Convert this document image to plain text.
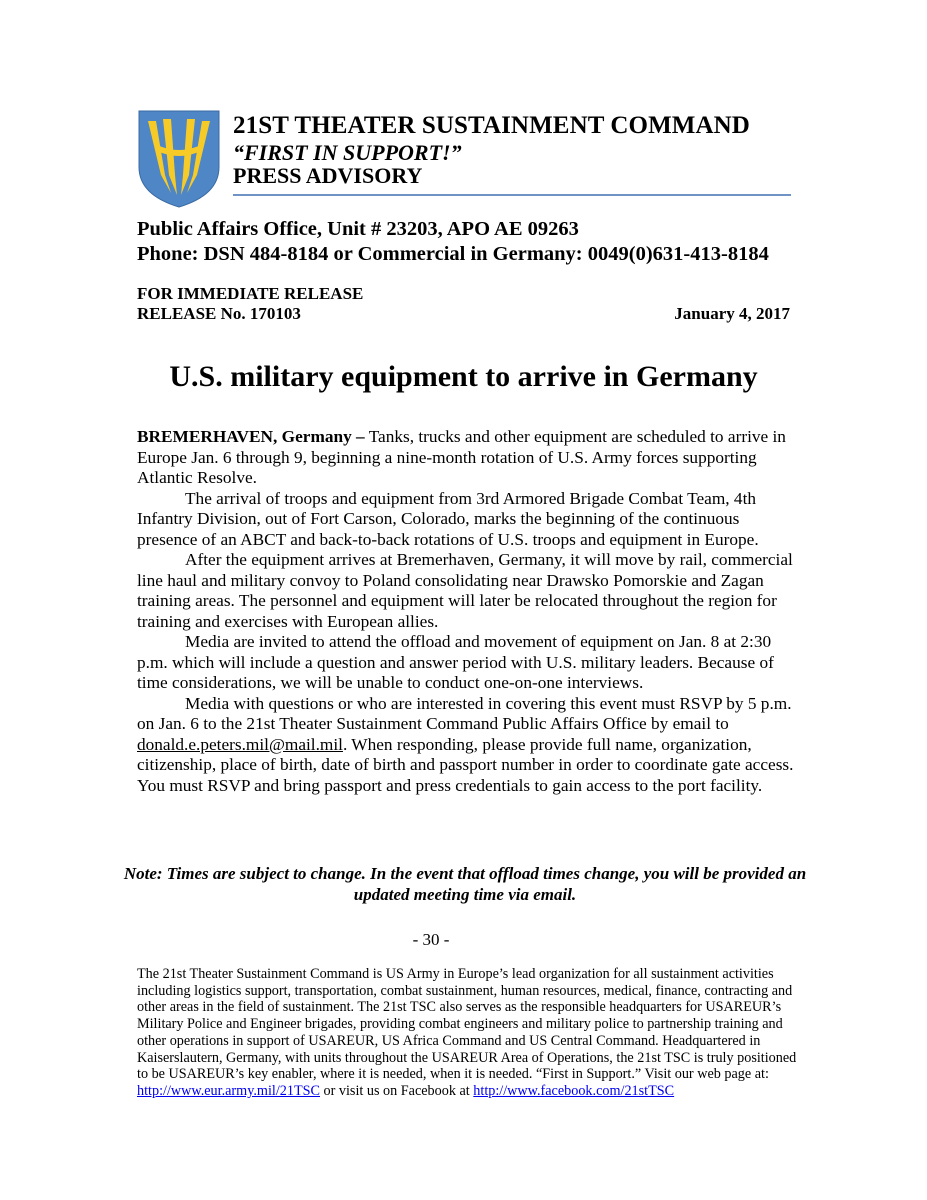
21ST THEATER SUSTAINMENT COMMAND
“FIRST IN SUPPORT!”
PRESS ADVISORY
Public Affairs Office, Unit # 23203, APO AE 09263
Phone: DSN 484-8184 or Commercial in Germany: 0049(0)631-413-8184
FOR IMMEDIATE RELEASE
RELEASE No. 170103	January 4, 2017
U.S. military equipment to arrive in Germany

BREMERHAVEN, Germany – Tanks, trucks and other equipment are scheduled to arrive in Europe Jan. 6 through 9, beginning a nine-month rotation of U.S. Army forces supporting Atlantic Resolve.

The arrival of troops and equipment from 3rd Armored Brigade Combat Team, 4th Infantry Division, out of Fort Carson, Colorado, marks the beginning of the continuous presence of an ABCT and back-to-back rotations of U.S. troops and equipment in Europe.

After the equipment arrives at Bremerhaven, Germany, it will move by rail, commercial line haul and military convoy to Poland consolidating near Drawsko Pomorskie and Zagan training areas. The personnel and equipment will later be relocated throughout the region for training and exercises with European allies.

Media are invited to attend the offload and movement of equipment on Jan. 8 at 2:30 p.m. which will include a question and answer period with U.S. military leaders. Because of time considerations, we will be unable to conduct one-on-one interviews.

Media with questions or who are interested in covering this event must RSVP by 5 p.m. on Jan. 6 to the 21st Theater Sustainment Command Public Affairs Office by email to donald.e.peters.mil@mail.mil. When responding, please provide full name, organization, citizenship, place of birth, date of birth and passport number in order to coordinate gate access. You must RSVP and bring passport and press credentials to gain access to the port facility.

Note: Times are subject to change. In the event that offload times change, you will be provided an updated meeting time via email.
- 30 -
The 21st Theater Sustainment Command is US Army in Europe’s lead organization for all sustainment activities including logistics support, transportation, combat sustainment, human resources, medical, finance, contracting and other areas in the field of sustainment. The 21st TSC also serves as the responsible headquarters for USAREUR’s Military Police and Engineer brigades, providing combat engineers and military police to partnership training and other operations in support of USAREUR, US Africa Command and US Central Command. Headquartered in Kaiserslautern, Germany, with units throughout the USAREUR Area of Operations, the 21st TSC is truly positioned to be USAREUR’s key enabler, where it is needed, when it is needed. “First in Support.” Visit our web page at: http://www.eur.army.mil/21TSC or visit us on Facebook at http://www.facebook.com/21stTSC
